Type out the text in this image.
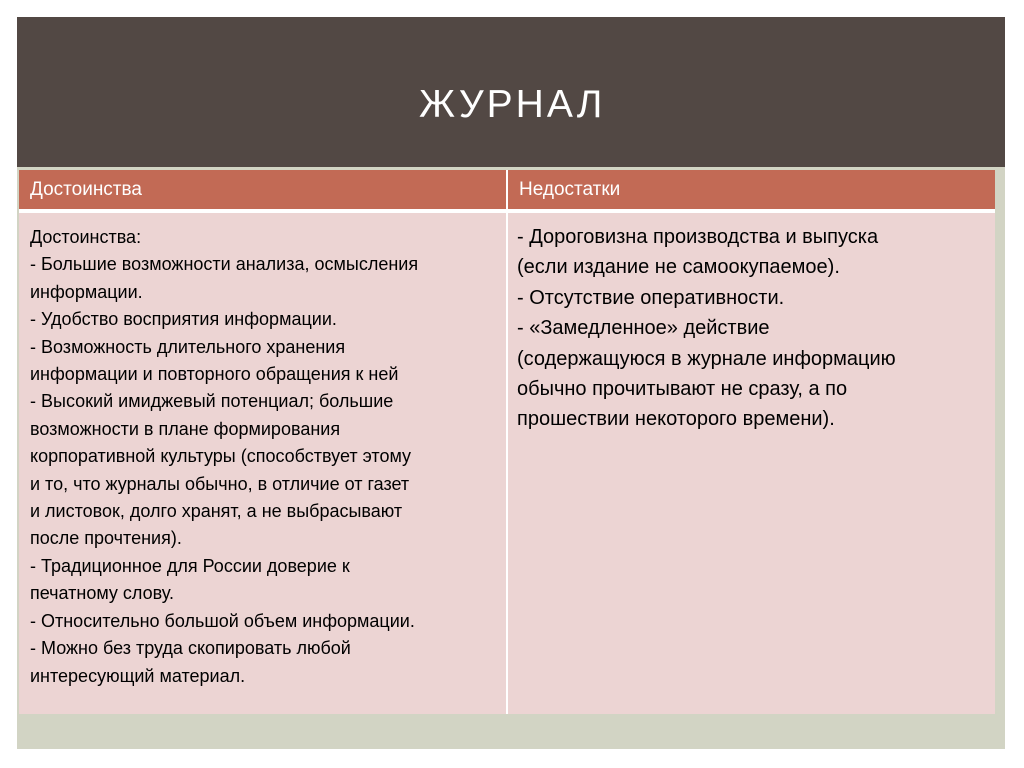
ЖУРНАЛ
Достоинства	Недостатки
Достоинства:
- Большие возможности анализа, осмысления
информации.
- Удобство восприятия информации.
- Возможность длительного хранения
информации и повторного обращения к ней
- Высокий имиджевый потенциал; большие
возможности в плане формирования
корпоративной культуры (способствует этому
и то, что журналы обычно, в отличие от газет
и листовок, долго хранят, а не выбрасывают
после прочтения).
- Традиционное для России доверие к
печатному слову.
- Относительно большой объем информации.
- Можно без труда скопировать любой
интересующий материал.
- Дороговизна производства и выпуска
(если издание не самоокупаемое).
- Отсутствие оперативности.
- «Замедленное» действие
(содержащуюся в журнале информацию
обычно прочитывают не сразу, а по
прошествии некоторого времени).
